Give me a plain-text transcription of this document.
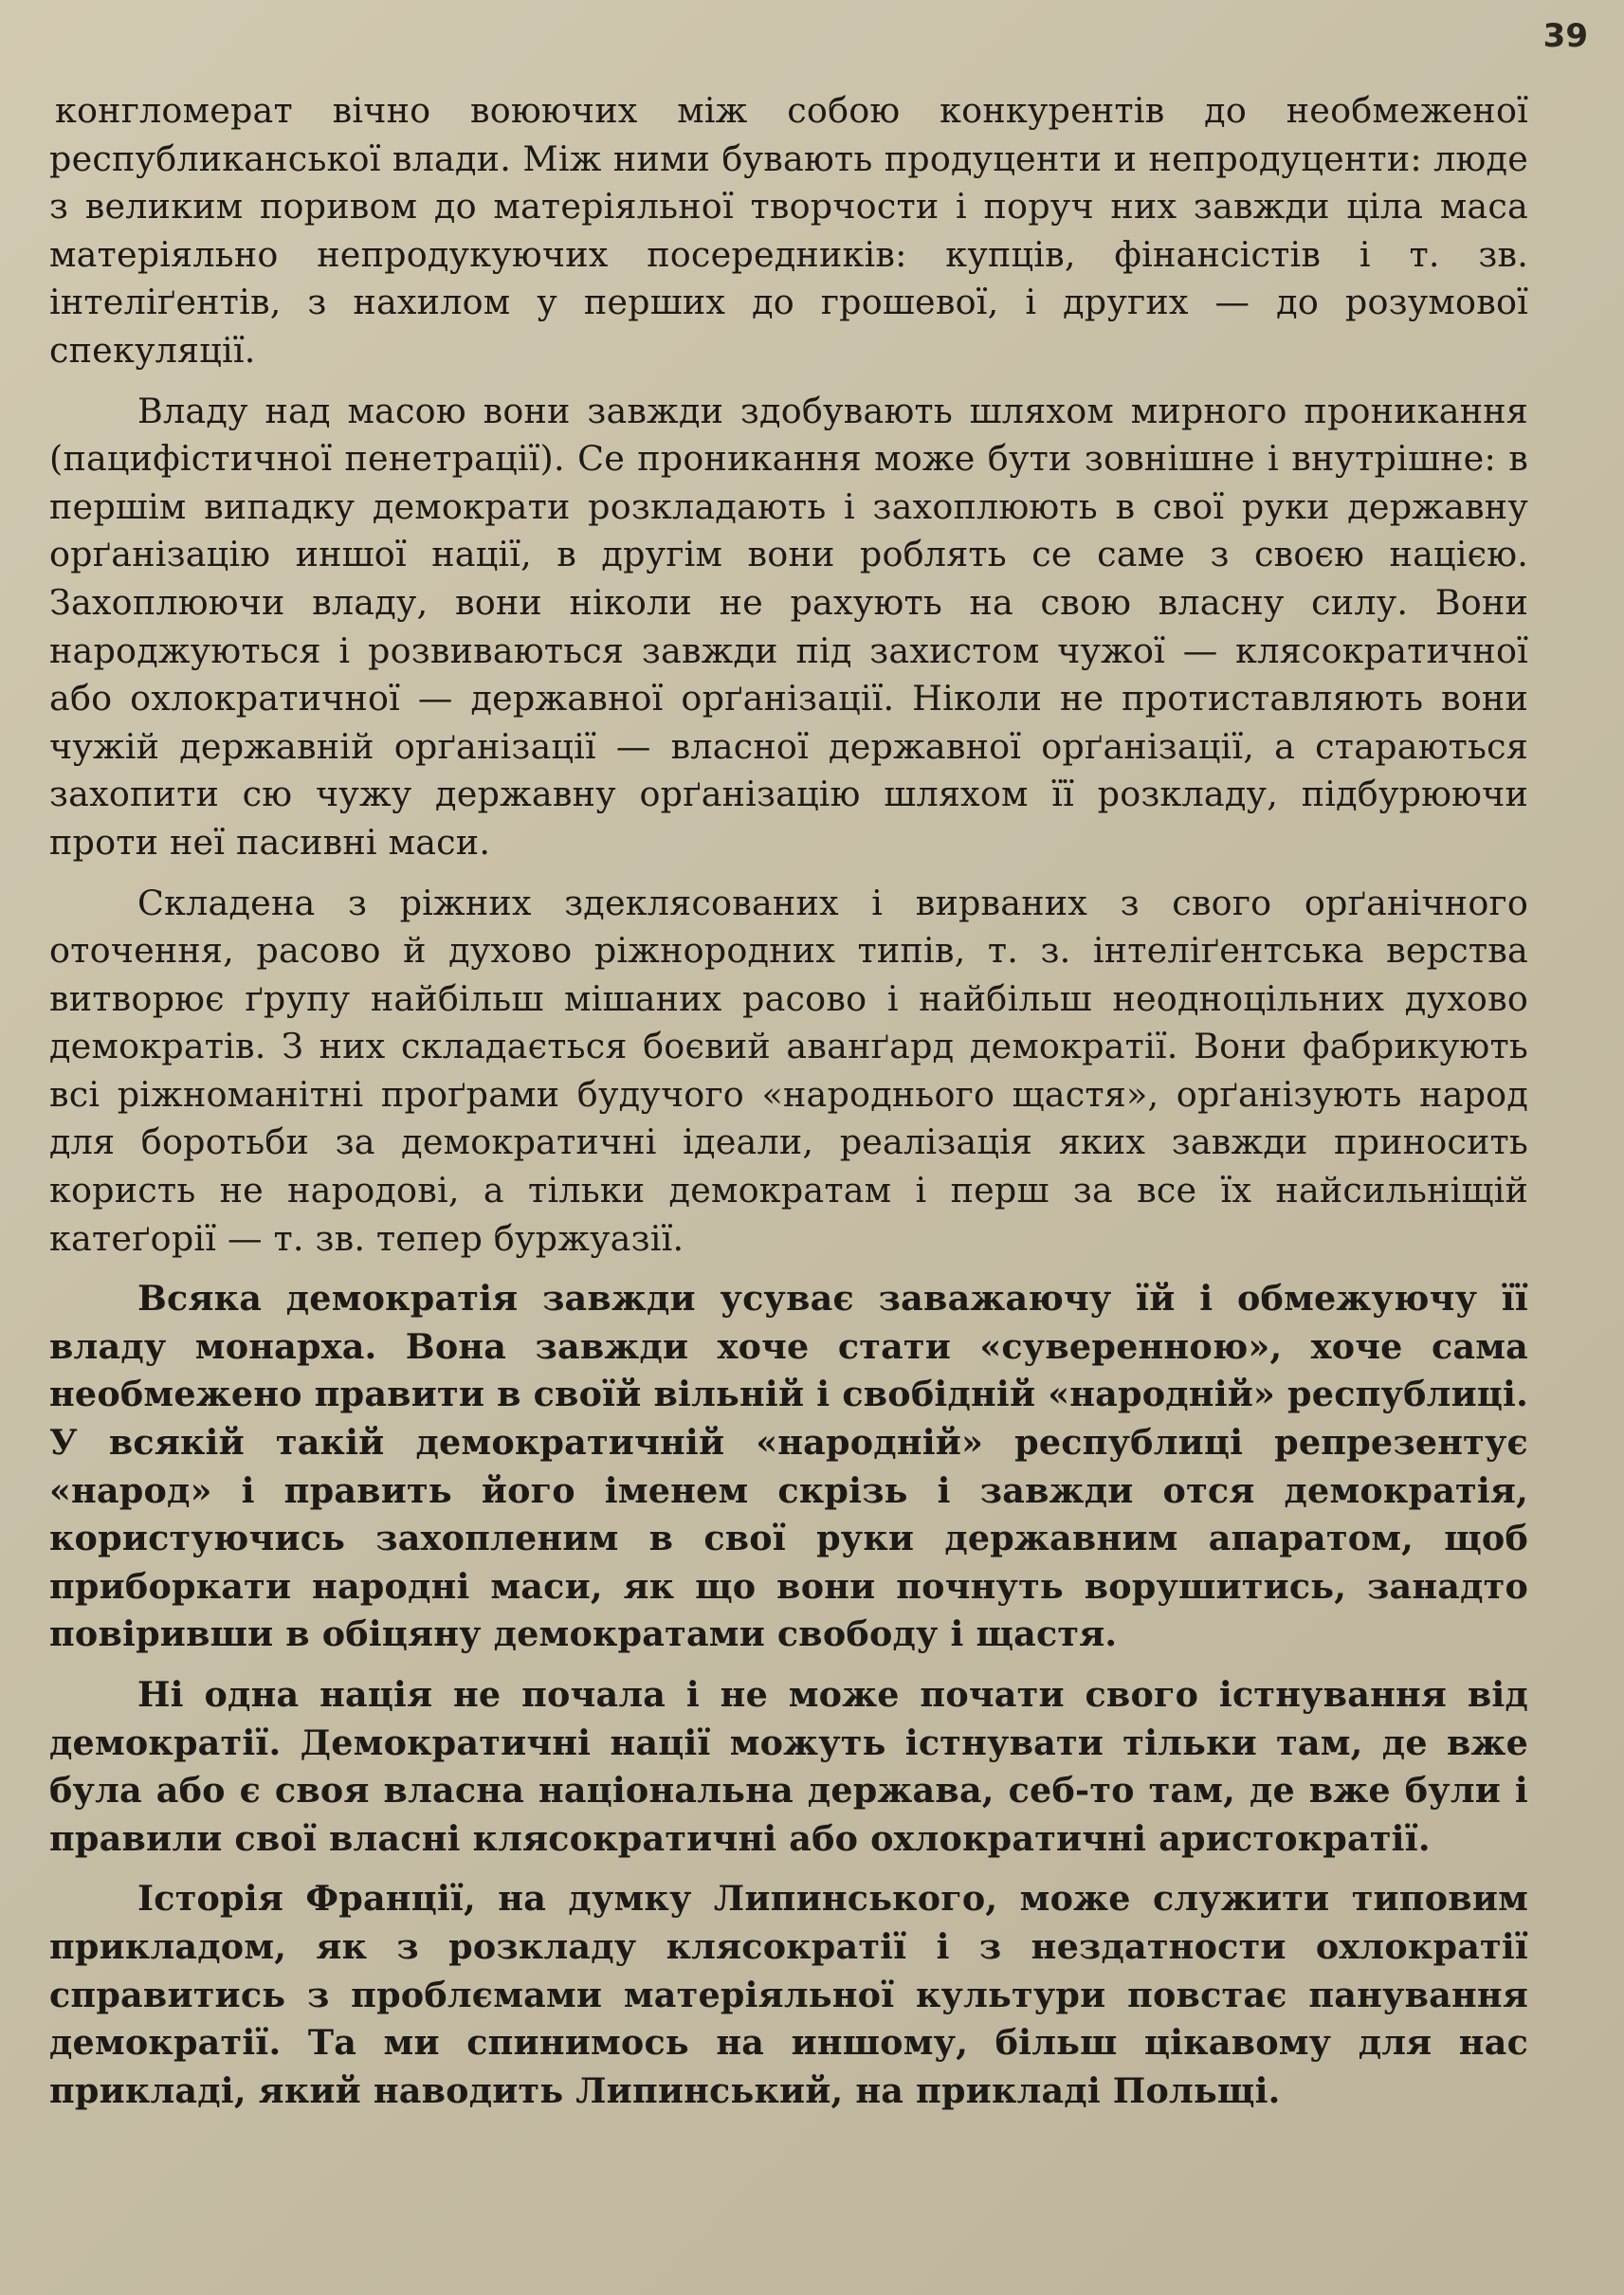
39

конгломерат вічно воюючих між собою конкурентів до необмеженої республиканської влади. Між ними бувають продуценти и непродуценти: люде з великим поривом до матеріяльної творчости і поруч них завжди ціла маса матеріяльно непродукуючих посередників: купців, фінансістів і т. зв. інтеліґентів, з нахилом у перших до грошевої, і других — до розумової спекуляції.

Владу над масою вони завжди здобувають шляхом мирного проникання (пацифістичної пенетрації). Се проникання може бути зовнішне і внутрішне: в першім випадку демократи розкладають і захоплюють в свої руки державну орґанізацію иншої нації, в другім вони роблять се саме з своєю нацією. Захоплюючи владу, вони ніколи не рахують на свою власну силу. Вони народжуються і розвиваються завжди під захистом чужої — клясократичної або охлократичної — державної орґанізації. Ніколи не протиставляють вони чужій державній орґанізації — власної державної орґанізації, а стараються захопити сю чужу державну орґанізацію шляхом її розкладу, підбурюючи проти неї пасивні маси.

Складена з ріжних здеклясованих і вирваних з свого орґанічного оточення, расово й духово ріжнородних типів, т. з. інтеліґентська верства витворює ґрупу найбільш мішаних расово і найбільш неодноцільних духово демократів. З них складається боєвий аванґард демократії. Вони фабрикують всі ріжноманітні проґрами будучого «народнього щастя», орґанізують народ для боротьби за демократичні ідеали, реалізація яких завжди приносить користь не народові, а тільки демократам і перш за все їх найсильніщій катеґорії — т. зв. тепер буржуазії.

Всяка демократія завжди усуває заважаючу їй і обмежуючу її владу монарха. Вона завжди хоче стати «суверенною», хоче сама необмежено правити в своїй вільній і свобідній «народній» республиці. У всякій такій демократичній «народній» республиці репрезентує «народ» і править його іменем скрізь і завжди отся демократія, користуючись захопленим в свої руки державним апаратом, щоб приборкати народні маси, як що вони почнуть ворушитись, занадто повіривши в обіцяну демократами свободу і щастя.

Ні одна нація не почала і не може почати свого істнування від демократії. Демократичні нації можуть істнувати тільки там, де вже була або є своя власна національна держава, себ-то там, де вже були і правили свої власні клясократичні або охлократичні аристократії.

Історія Франції, на думку Липинського, може служити типовим прикладом, як з розкладу клясократії і з нездатности охлократії справитись з проблємами матеріяльної культури повстає панування демократії. Та ми спинимось на иншому, більш цікавому для нас прикладі, який наводить Липинський, на прикладі Польщі.
